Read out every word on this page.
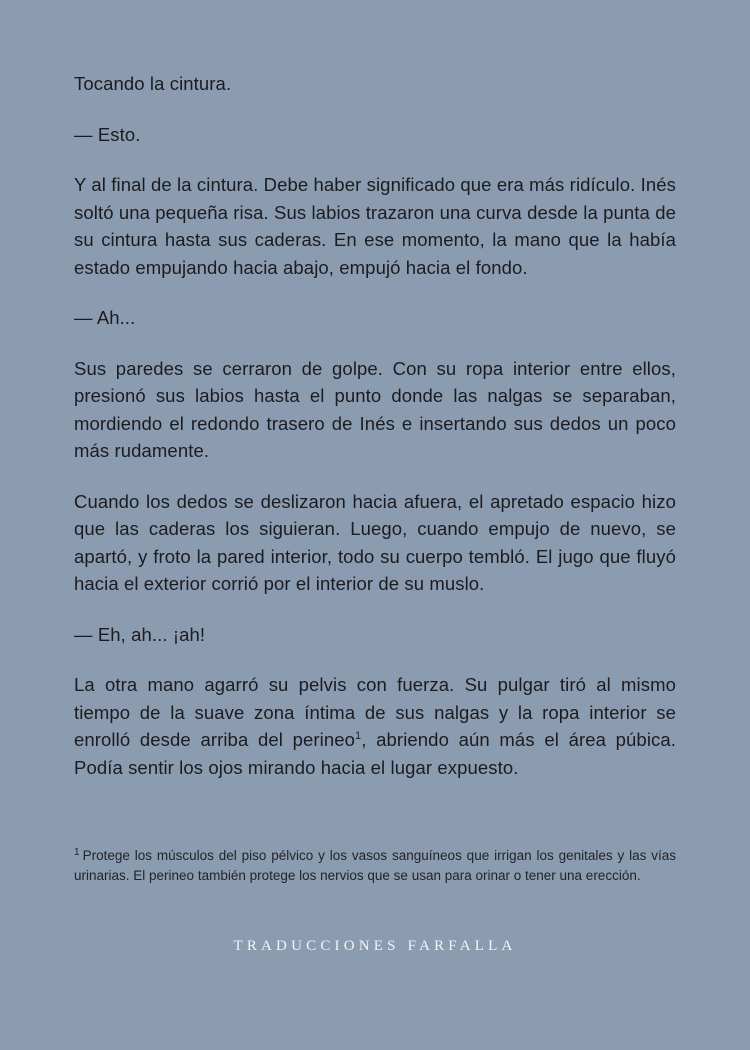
Tocando la cintura.

— Esto.

Y al final de la cintura. Debe haber significado que era más ridículo. Inés soltó una pequeña risa. Sus labios trazaron una curva desde la punta de su cintura hasta sus caderas. En ese momento, la mano que la había estado empujando hacia abajo, empujó hacia el fondo.

— Ah...

Sus paredes se cerraron de golpe. Con su ropa interior entre ellos, presionó sus labios hasta el punto donde las nalgas se separaban, mordiendo el redondo trasero de Inés e insertando sus dedos un poco más rudamente.

Cuando los dedos se deslizaron hacia afuera, el apretado espacio hizo que las caderas los siguieran. Luego, cuando empujo de nuevo, se apartó, y froto la pared interior, todo su cuerpo tembló. El jugo que fluyó hacia el exterior corrió por el interior de su muslo.

— Eh, ah... ¡ah!

La otra mano agarró su pelvis con fuerza. Su pulgar tiró al mismo tiempo de la suave zona íntima de sus nalgas y la ropa interior se enrolló desde arriba del perineo$^1$, abriendo aún más el área púbica. Podía sentir los ojos mirando hacia el lugar expuesto.

$^1$ Protege los músculos del piso pélvico y los vasos sanguíneos que irrigan los genitales y las vías urinarias. El perineo también protege los nervios que se usan para orinar o tener una erección.

TRADUCCIONES FARFALLA
